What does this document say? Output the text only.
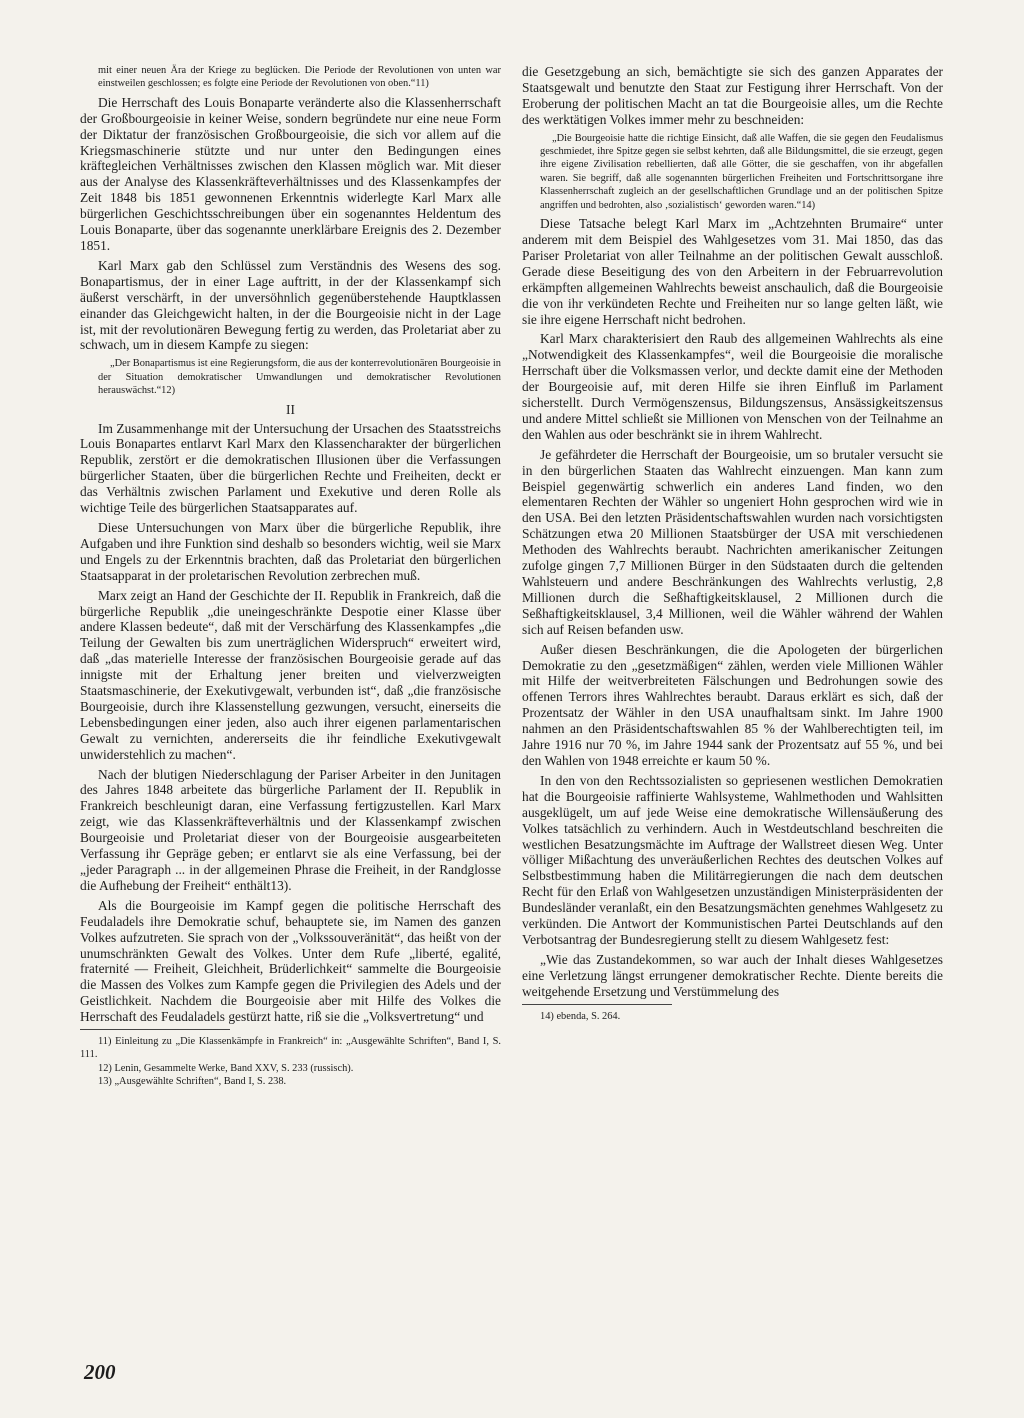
mit einer neuen Ära der Kriege zu beglücken. Die Periode der Revolutionen von unten war einstweilen geschlossen; es folgte eine Periode der Revolutionen von oben.“11)

Die Herrschaft des Louis Bonaparte veränderte also die Klassenherrschaft der Großbourgeoisie in keiner Weise, sondern begründete nur eine neue Form der Diktatur der französischen Großbourgeoisie, die sich vor allem auf die Kriegsmaschinerie stützte und nur unter den Bedingungen eines kräftegleichen Verhältnisses zwischen den Klassen möglich war. Mit dieser aus der Analyse des Klassenkräfteverhältnisses und des Klassenkampfes der Zeit 1848 bis 1851 gewonnenen Erkenntnis widerlegte Karl Marx alle bürgerlichen Geschichtsschreibungen über ein sogenanntes Heldentum des Louis Bonaparte, über das sogenannte unerklärbare Ereignis des 2. Dezember 1851.

Karl Marx gab den Schlüssel zum Verständnis des Wesens des sog. Bonapartismus, der in einer Lage auftritt, in der der Klassenkampf sich äußerst verschärft, in der unversöhnlich gegenüberstehende Hauptklassen einander das Gleichgewicht halten, in der die Bourgeoisie nicht in der Lage ist, mit der revolutionären Bewegung fertig zu werden, das Proletariat aber zu schwach, um in diesem Kampfe zu siegen:

„Der Bonapartismus ist eine Regierungsform, die aus der konterrevolutionären Bourgeoisie in der Situation demokratischer Umwandlungen und demokratischer Revolutionen herauswächst.“12)

II

Im Zusammenhange mit der Untersuchung der Ursachen des Staatsstreichs Louis Bonapartes entlarvt Karl Marx den Klassencharakter der bürgerlichen Republik, zerstört er die demokratischen Illusionen über die Verfassungen bürgerlicher Staaten, über die bürgerlichen Rechte und Freiheiten, deckt er das Verhältnis zwischen Parlament und Exekutive und deren Rolle als wichtige Teile des bürgerlichen Staatsapparates auf.

Diese Untersuchungen von Marx über die bürgerliche Republik, ihre Aufgaben und ihre Funktion sind deshalb so besonders wichtig, weil sie Marx und Engels zu der Erkenntnis brachten, daß das Proletariat den bürgerlichen Staatsapparat in der proletarischen Revolution zerbrechen muß.

Marx zeigt an Hand der Geschichte der II. Republik in Frankreich, daß die bürgerliche Republik „die uneingeschränkte Despotie einer Klasse über andere Klassen bedeute“, daß mit der Verschärfung des Klassenkampfes „die Teilung der Gewalten bis zum unerträglichen Widerspruch“ erweitert wird, daß „das materielle Interesse der französischen Bourgeoisie gerade auf das innigste mit der Erhaltung jener breiten und vielverzweigten Staatsmaschinerie, der Exekutivgewalt, verbunden ist“, daß „die französische Bourgeoisie, durch ihre Klassenstellung gezwungen, versucht, einerseits die Lebensbedingungen einer jeden, also auch ihrer eigenen parlamentarischen Gewalt zu vernichten, andererseits die ihr feindliche Exekutivgewalt unwiderstehlich zu machen“.

Nach der blutigen Niederschlagung der Pariser Arbeiter in den Junitagen des Jahres 1848 arbeitete das bürgerliche Parlament der II. Republik in Frankreich beschleunigt daran, eine Verfassung fertigzustellen. Karl Marx zeigt, wie das Klassenkräfteverhältnis und der Klassenkampf zwischen Bourgeoisie und Proletariat dieser von der Bourgeoisie ausgearbeiteten Verfassung ihr Gepräge geben; er entlarvt sie als eine Verfassung, bei der „jeder Paragraph ... in der allgemeinen Phrase die Freiheit, in der Randglosse die Aufhebung der Freiheit“ enthält13).

Als die Bourgeoisie im Kampf gegen die politische Herrschaft des Feudaladels ihre Demokratie schuf, behauptete sie, im Namen des ganzen Volkes aufzutreten. Sie sprach von der „Volkssouveränität“, das heißt von der unumschränkten Gewalt des Volkes. Unter dem Rufe „liberté, egalité, fraternité — Freiheit, Gleichheit, Brüderlichkeit“ sammelte die Bourgeoisie die Massen des Volkes zum Kampfe gegen die Privilegien des Adels und der Geistlichkeit. Nachdem die Bourgeoisie aber mit Hilfe des Volkes die Herrschaft des Feudaladels gestürzt hatte, riß sie die „Volksvertretung“ und

11) Einleitung zu „Die Klassenkämpfe in Frankreich“ in: „Ausgewählte Schriften“, Band I, S. 111.

12) Lenin, Gesammelte Werke, Band XXV, S. 233 (russisch).

13) „Ausgewählte Schriften“, Band I, S. 238.

die Gesetzgebung an sich, bemächtigte sie sich des ganzen Apparates der Staatsgewalt und benutzte den Staat zur Festigung ihrer Herrschaft. Von der Eroberung der politischen Macht an tat die Bourgeoisie alles, um die Rechte des werktätigen Volkes immer mehr zu beschneiden:

„Die Bourgeoisie hatte die richtige Einsicht, daß alle Waffen, die sie gegen den Feudalismus geschmiedet, ihre Spitze gegen sie selbst kehrten, daß alle Bildungsmittel, die sie erzeugt, gegen ihre eigene Zivilisation rebellierten, daß alle Götter, die sie geschaffen, von ihr abgefallen waren. Sie begriff, daß alle sogenannten bürgerlichen Freiheiten und Fortschrittsorgane ihre Klassenherrschaft zugleich an der gesellschaftlichen Grundlage und an der politischen Spitze angriffen und bedrohten, also ‚sozialistisch‘ geworden waren.“14)

Diese Tatsache belegt Karl Marx im „Achtzehnten Brumaire“ unter anderem mit dem Beispiel des Wahlgesetzes vom 31. Mai 1850, das das Pariser Proletariat von aller Teilnahme an der politischen Gewalt ausschloß. Gerade diese Beseitigung des von den Arbeitern in der Februarrevolution erkämpften allgemeinen Wahlrechts beweist anschaulich, daß die Bourgeoisie die von ihr verkündeten Rechte und Freiheiten nur so lange gelten läßt, wie sie ihre eigene Herrschaft nicht bedrohen.

Karl Marx charakterisiert den Raub des allgemeinen Wahlrechts als eine „Notwendigkeit des Klassenkampfes“, weil die Bourgeoisie die moralische Herrschaft über die Volksmassen verlor, und deckte damit eine der Methoden der Bourgeoisie auf, mit deren Hilfe sie ihren Einfluß im Parlament sicherstellt. Durch Vermögenszensus, Bildungszensus, Ansässigkeitszensus und andere Mittel schließt sie Millionen von Menschen von der Teilnahme an den Wahlen aus oder beschränkt sie in ihrem Wahlrecht.

Je gefährdeter die Herrschaft der Bourgeoisie, um so brutaler versucht sie in den bürgerlichen Staaten das Wahlrecht einzuengen. Man kann zum Beispiel gegenwärtig schwerlich ein anderes Land finden, wo den elementaren Rechten der Wähler so ungeniert Hohn gesprochen wird wie in den USA. Bei den letzten Präsidentschaftswahlen wurden nach vorsichtigsten Schätzungen etwa 20 Millionen Staatsbürger der USA mit verschiedenen Methoden des Wahlrechts beraubt. Nachrichten amerikanischer Zeitungen zufolge gingen 7,7 Millionen Bürger in den Südstaaten durch die geltenden Wahlsteuern und andere Beschränkungen des Wahlrechts verlustig, 2,8 Millionen durch die Seßhaftigkeitsklausel, 2 Millionen durch die Seßhaftigkeitsklausel, 3,4 Millionen, weil die Wähler während der Wahlen sich auf Reisen befanden usw.

Außer diesen Beschränkungen, die die Apologeten der bürgerlichen Demokratie zu den „gesetzmäßigen“ zählen, werden viele Millionen Wähler mit Hilfe der weitverbreiteten Fälschungen und Bedrohungen sowie des offenen Terrors ihres Wahlrechtes beraubt. Daraus erklärt es sich, daß der Prozentsatz der Wähler in den USA unaufhaltsam sinkt. Im Jahre 1900 nahmen an den Präsidentschaftswahlen 85 % der Wahlberechtigten teil, im Jahre 1916 nur 70 %, im Jahre 1944 sank der Prozentsatz auf 55 %, und bei den Wahlen von 1948 erreichte er kaum 50 %.

In den von den Rechtssozialisten so gepriesenen westlichen Demokratien hat die Bourgeoisie raffinierte Wahlsysteme, Wahlmethoden und Wahlsitten ausgeklügelt, um auf jede Weise eine demokratische Willensäußerung des Volkes tatsächlich zu verhindern. Auch in Westdeutschland beschreiten die westlichen Besatzungsmächte im Auftrage der Wallstreet diesen Weg. Unter völliger Mißachtung des unveräußerlichen Rechtes des deutschen Volkes auf Selbstbestimmung haben die Militärregierungen die nach dem deutschen Recht für den Erlaß von Wahlgesetzen unzuständigen Ministerpräsidenten der Bundesländer veranlaßt, ein den Besatzungsmächten genehmes Wahlgesetz zu verkünden. Die Antwort der Kommunistischen Partei Deutschlands auf den Verbotsantrag der Bundesregierung stellt zu diesem Wahlgesetz fest:

„Wie das Zustandekommen, so war auch der Inhalt dieses Wahlgesetzes eine Verletzung längst errungener demokratischer Rechte. Diente bereits die weitgehende Ersetzung und Verstümmelung des

14) ebenda, S. 264.

200
